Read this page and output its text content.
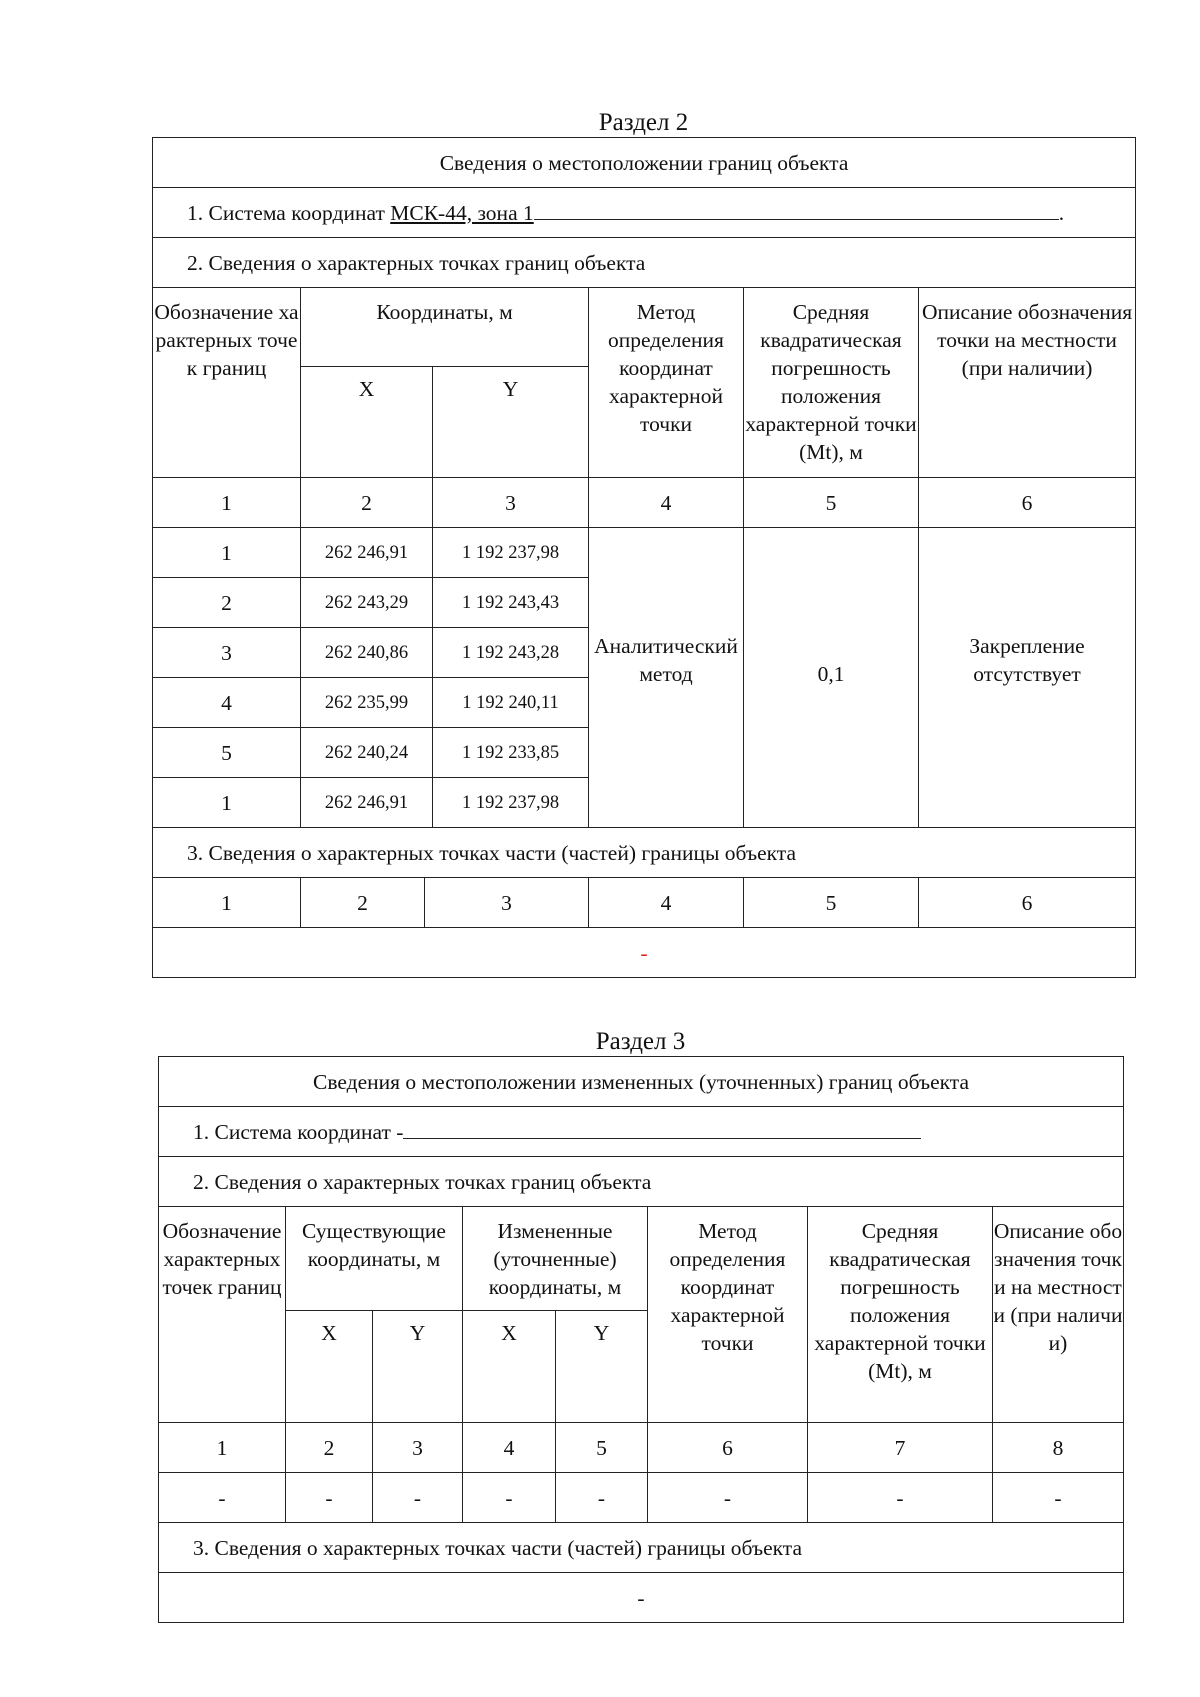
Раздел 2
Сведения о местоположении границ объекта						
1. Система координат МСК-44, зона 1 .						
2. Сведения о характерных точках границ объекта						
Обозначение характерных точек границ	Координаты, м			Метод определения координат характерной точки	Средняя квадратическая погрешность положения характерной точки (Mt), м	Описание обозначения точки на местности (при наличии)
	X		Y			
1	2		3	4	5	6
1	262 246,91		1 192 237,98	Аналитический метод	0,1	Закрепление отсутствует
2	262 243,29		1 192 243,43			
3	262 240,86		1 192 243,28			
4	262 235,99		1 192 240,11			
5	262 240,24		1 192 233,85			
1	262 246,91		1 192 237,98			
3. Сведения о характерных точках части (частей) границы объекта						
1	2	3		4	5	6
-						
Раздел 3
Сведения о местоположении измененных (уточненных) границ объекта							
1. Система координат -							
2. Сведения о характерных точках границ объекта							
Обозначение характерных точек границ	Существующие координаты, м		Измененные (уточненные) координаты, м		Метод определения координат характерной точки	Средняя квадратическая погрешность положения характерной точки (Mt), м	Описание обозначения точки на местности (при наличии)
	X	Y	X	Y			
1	2	3	4	5	6	7	8
-	-	-	-	-	-	-	-
3. Сведения о характерных точках части (частей) границы объекта							
-							
